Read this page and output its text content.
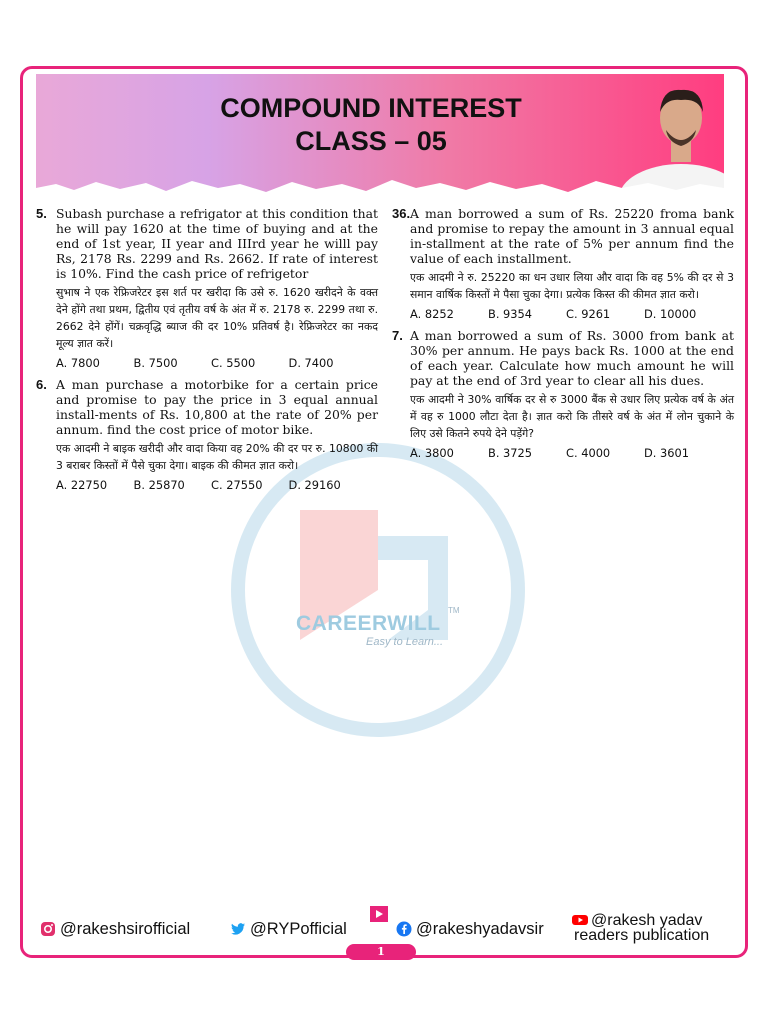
COMPOUND INTEREST
CLASS – 05
CAREERWILL
TM
Easy to Learn...
5. Subash purchase a refrigator at this condition that he will pay 1620 at the time of buying and at the end of 1st year, II year and IIIrd year he willl pay Rs, 2178 Rs. 2299 and Rs. 2662. If rate of interest is 10%. Find the cash price of refrigetor
सुभाष ने एक रेफ्रिजरेटर इस शर्त पर खरीदा कि उसे रु. 1620 खरीदने के वक्त देने होंगे तथा प्रथम, द्वितीय एवं तृतीय वर्ष के अंत में रु. 2178 रु. 2299 तथा रु. 2662 देने होंगें। चक्रवृद्धि ब्याज की दर 10% प्रतिवर्ष है। रेफ्रिजरेटर का नकद मूल्य ज्ञात करें।
A. 7800	B. 7500	C. 5500	D. 7400
6. A man purchase a motorbike for a certain price and promise to pay the price in 3 equal annual install-ments of Rs. 10,800 at the rate of 20% per annum. find the cost price of motor bike.
एक आदमी ने बाइक खरीदी और वादा किया वह 20% की दर पर रु. 10800 की 3 बराबर किस्तों में पैसे चुका देगा। बाइक की कीमत ज्ञात करो।
A. 22750	B. 25870	C. 27550	D. 29160
36. A man borrowed a sum of Rs. 25220 froma bank and promise to repay the amount in 3 annual equal in-stallment at the rate of 5% per annum find the value of each installment.
एक आदमी ने रु. 25220 का धन उधार लिया और वादा कि वह 5% की दर से 3 समान वार्षिक किस्तों मे पैसा चुका देगा। प्रत्येक किस्त की कीमत ज्ञात करो।
A. 8252	B. 9354	C. 9261	D. 10000
7. A man borrowed a sum of Rs. 3000 from bank at 30% per annum. He pays back Rs. 1000 at the end of each year. Calculate how much amount he will pay at the end of 3rd year to clear all his dues.
एक आदमी ने 30% वार्षिक दर से रु 3000 बैंक से उधार लिए प्रत्येक वर्ष के अंत में वह रु 1000 लौटा देता है। ज्ञात करो कि तीसरे वर्ष के अंत में लोन चुकाने के लिए उसे कितने रुपये देने पड़ेंगे?
A. 3800	B. 3725	C. 4000	D. 3601
@rakeshsirofficial	@RYPofficial	@rakeshyadavsir	@rakesh yadav
readers publication
1
